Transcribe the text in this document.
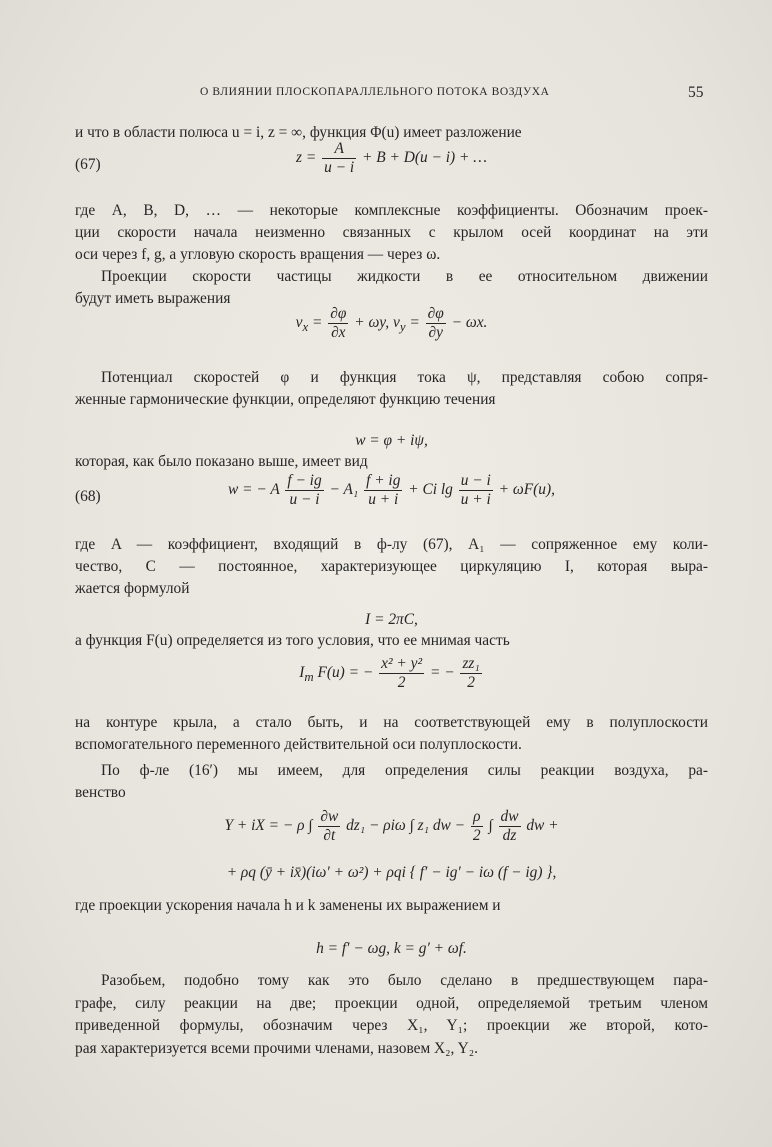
О ВЛИЯНИИ ПЛОСКОПАРАЛЛЕЛЬНОГО ПОТОКА ВОЗДУХА	55
и что в области полюса u = i, z = ∞, функция Φ(u) имеет разложение
(67)	$z = \frac{A}{u - i} + B + D(u - i)$ + …
где A, B, D, … — некоторые комплексные коэффициенты. Обозначим проек-
ции скорости начала неизменно связанных с крылом осей координат на эти
оси через f, g, а угловую скорость вращения — через ω.
Проекции скорости частицы жидкости в ее относительном движении
будут иметь выражения
$v_x = \frac{\partial\varphi}{\partial x} + \omega y$, $v_y = \frac{\partial\varphi}{\partial y} - \omega x$.
Потенциал скоростей φ и функция тока ψ, представляя собою сопря-
женные гармонические функции, определяют функцию течения
w = φ + iψ,
которая, как было показано выше, имеет вид
(68)	w = − A $\frac{f - ig}{u - i} - A_1 \frac{f + ig}{u + i} + Ci$ $\lg \frac{u - i}{u + i} + \omega F(u)$,
где A — коэффициент, входящий в ф-лу (67), A₁ — сопряженное ему коли-
чество, C — постоянное, характеризующее циркуляцию I, которая выра-
жается формулой
I = 2πC,
а функция F(u) определяется из того условия, что ее мнимая часть
$I_m$ F(u) = − $\frac{\text{x² + y²}}{2}$ = − $\frac{\text{zz₁}}{2}$
на контуре крыла, а стало быть, и на соответствующей ему в полуплоскости
вспомогательного переменного действительной оси полуплоскости.
По ф-ле (16′) мы имеем, для определения силы реакции воздуха, ра-
венство
Y + iX = − ρ ∫ $\frac{\partial w}{\partial t} dz_1 - \rho i\omega$ ∫ z₁ dw − $\frac{\rho}{2}$ ∫ $\frac{dw}{dz}$ dw +
+ ρq (ȳ + ix̄)(iω′ + ω²) + ρqi { f′ − ig′ − iω (f − ig) },
где проекции ускорения начала h и k заменены их выражением и
h = f′ − ωg, k = g′ + ωf.
Разобьем, подобно тому как это было сделано в предшествующем пара-
графе, силу реакции на две; проекции одной, определяемой третьим членом
приведенной формулы, обозначим через X₁, Y₁; проекции же второй, кото-
рая характеризуется всеми прочими членами, назовем X₂, Y₂.
